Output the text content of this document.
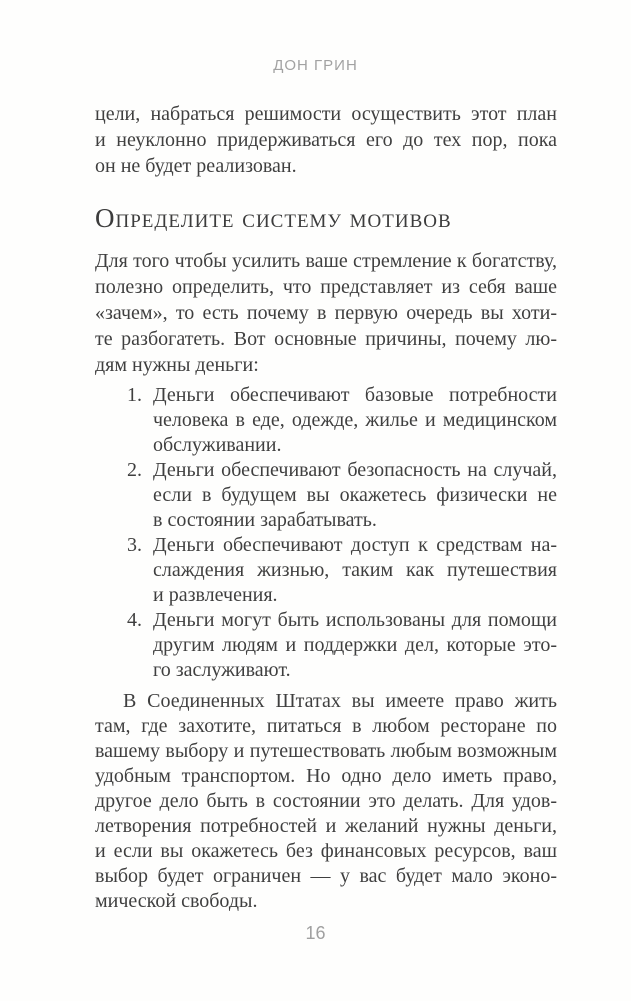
ДОН ГРИН
цели, набраться решимости осуществить этот план
и неуклонно придерживаться его до тех пор, пока
он не будет реализован.
Определите систему мотивов
Для того чтобы усилить ваше стремление к богатству,
полезно определить, что представляет из себя ваше
«зачем», то есть почему в первую очередь вы хоти-
те разбогатеть. Вот основные причины, почему лю-
дям нужны деньги:
1. Деньги обеспечивают базовые потребности
человека в еде, одежде, жилье и медицинском
обслуживании.
2. Деньги обеспечивают безопасность на случай,
если в будущем вы окажетесь физически не
в состоянии зарабатывать.
3. Деньги обеспечивают доступ к средствам на-
слаждения жизнью, таким как путешествия
и развлечения.
4. Деньги могут быть использованы для помощи
другим людям и поддержки дел, которые это-
го заслуживают.
В Соединенных Штатах вы имеете право жить
там, где захотите, питаться в любом ресторане по
вашему выбору и путешествовать любым возможным
удобным транспортом. Но одно дело иметь право,
другое дело быть в состоянии это делать. Для удов-
летворения потребностей и желаний нужны деньги,
и если вы окажетесь без финансовых ресурсов, ваш
выбор будет ограничен — у вас будет мало эконо-
мической свободы.
16
